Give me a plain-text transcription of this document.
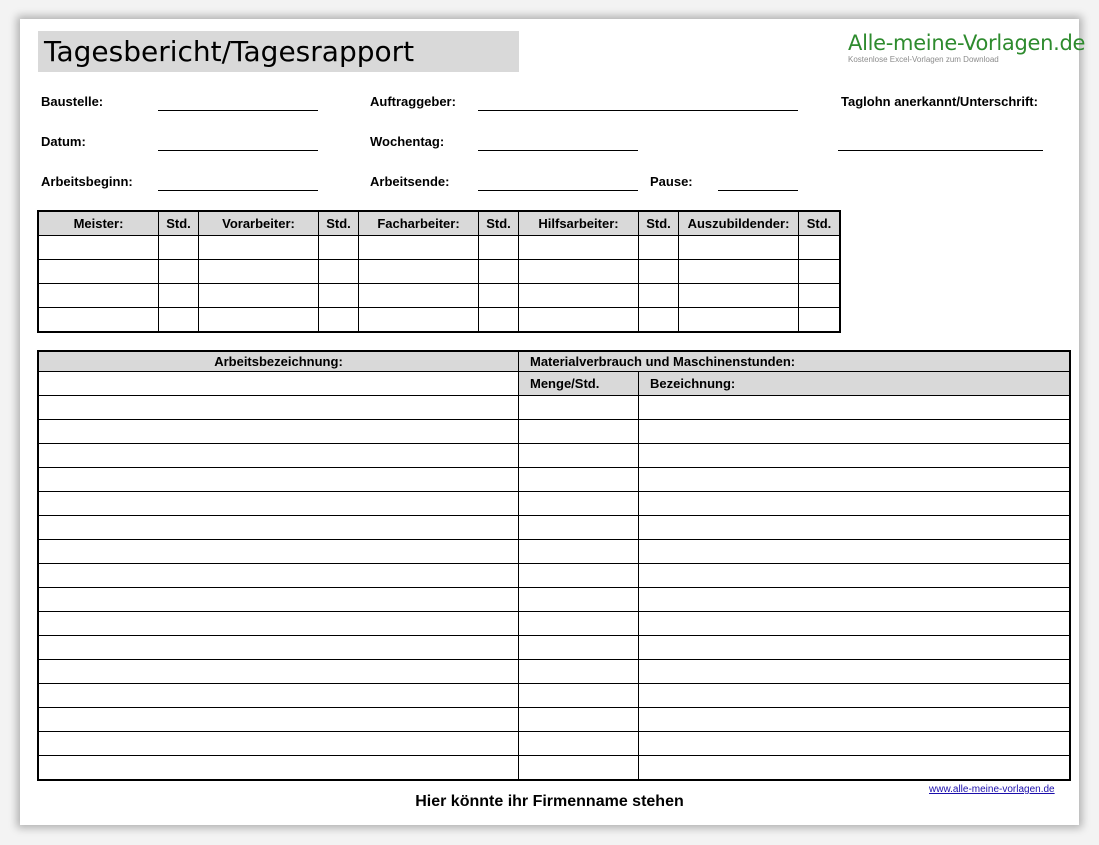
Tagesbericht/Tagesrapport	Alle-meine-Vorlagen.de
Kostenlose Excel-Vorlagen zum Download
Baustelle:	Auftraggeber:	Taglohn anerkannt/Unterschrift:
Datum:	Wochentag:
Arbeitsbeginn:	Arbeitsende:	Pause:
Meister:	Std.	Vorarbeiter:	Std.	Facharbeiter:	Std.	Hilfsarbeiter:	Std.	Auszubildender:	Std.

Arbeitsbezeichnung:	Materialverbrauch und Maschinenstunden:	
	Menge/Std.	Bezeichnung:

Hier könnte ihr Firmenname stehen
www.alle-meine-vorlagen.de
